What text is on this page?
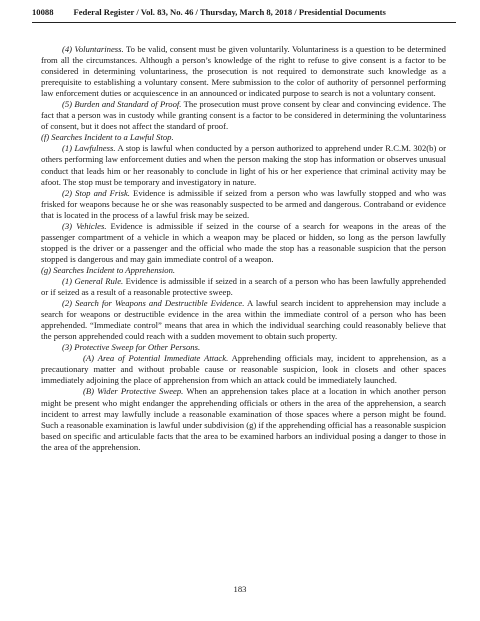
10088 Federal Register / Vol. 83, No. 46 / Thursday, March 8, 2018 / Presidential Documents

(4) Voluntariness. To be valid, consent must be given voluntarily. Voluntariness is a question to be determined from all the circumstances. Although a person’s knowledge of the right to refuse to give consent is a factor to be considered in determining voluntariness, the prosecution is not required to demonstrate such knowledge as a prerequisite to establishing a voluntary consent. Mere submission to the color of authority of personnel performing law enforcement duties or acquiescence in an announced or indicated purpose to search is not a voluntary consent.

(5) Burden and Standard of Proof. The prosecution must prove consent by clear and convincing evidence. The fact that a person was in custody while granting consent is a factor to be considered in determining the voluntariness of consent, but it does not affect the standard of proof.

(f) Searches Incident to a Lawful Stop.

(1) Lawfulness. A stop is lawful when conducted by a person authorized to apprehend under R.C.M. 302(b) or others performing law enforcement duties and when the person making the stop has information or observes unusual conduct that leads him or her reasonably to conclude in light of his or her experience that criminal activity may be afoot. The stop must be temporary and investigatory in nature.

(2) Stop and Frisk. Evidence is admissible if seized from a person who was lawfully stopped and who was frisked for weapons because he or she was reasonably suspected to be armed and dangerous. Contraband or evidence that is located in the process of a lawful frisk may be seized.

(3) Vehicles. Evidence is admissible if seized in the course of a search for weapons in the areas of the passenger compartment of a vehicle in which a weapon may be placed or hidden, so long as the person lawfully stopped is the driver or a passenger and the official who made the stop has a reasonable suspicion that the person stopped is dangerous and may gain immediate control of a weapon.

(g) Searches Incident to Apprehension.

(1) General Rule. Evidence is admissible if seized in a search of a person who has been lawfully apprehended or if seized as a result of a reasonable protective sweep.

(2) Search for Weapons and Destructible Evidence. A lawful search incident to apprehension may include a search for weapons or destructible evidence in the area within the immediate control of a person who has been apprehended. “Immediate control” means that area in which the individual searching could reasonably believe that the person apprehended could reach with a sudden movement to obtain such property.

(3) Protective Sweep for Other Persons.

(A) Area of Potential Immediate Attack. Apprehending officials may, incident to apprehension, as a precautionary matter and without probable cause or reasonable suspicion, look in closets and other spaces immediately adjoining the place of apprehension from which an attack could be immediately launched.

(B) Wider Protective Sweep. When an apprehension takes place at a location in which another person might be present who might endanger the apprehending officials or others in the area of the apprehension, a search incident to arrest may lawfully include a reasonable examination of those spaces where a person might be found. Such a reasonable examination is lawful under subdivision (g) if the apprehending official has a reasonable suspicion based on specific and articulable facts that the area to be examined harbors an individual posing a danger to those in the area of the apprehension.

183
